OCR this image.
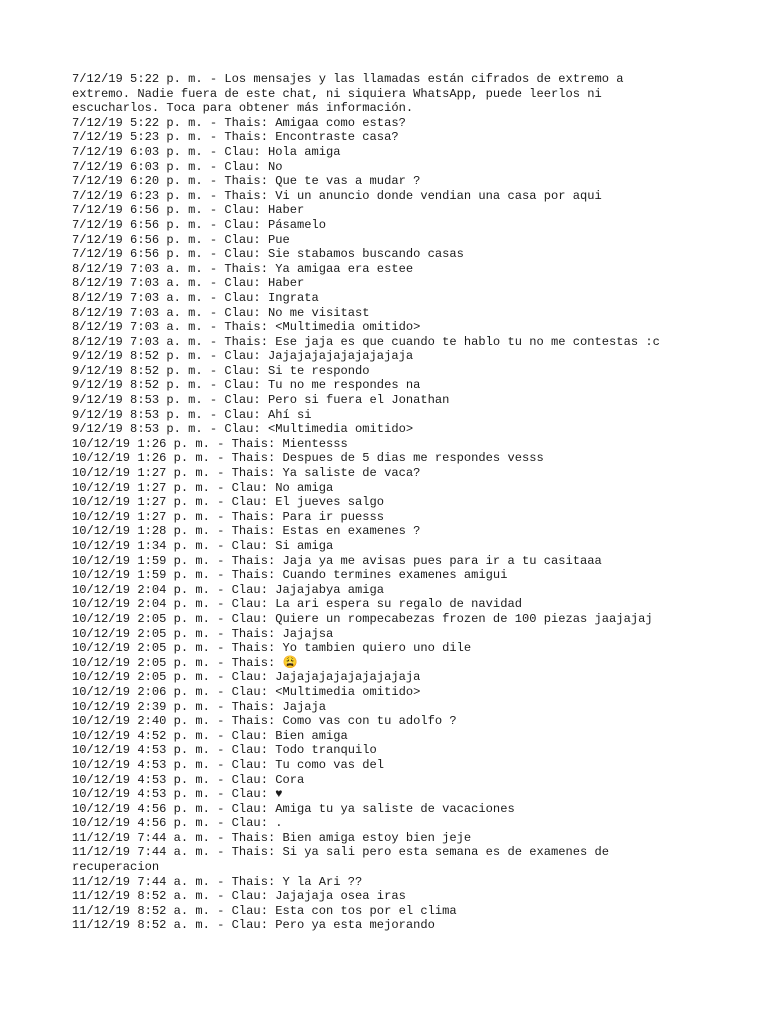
7/12/19 5:22 p. m. - Los mensajes y las llamadas están cifrados de extremo a
extremo. Nadie fuera de este chat, ni siquiera WhatsApp, puede leerlos ni
escucharlos. Toca para obtener más información.
7/12/19 5:22 p. m. - Thais: Amigaa como estas?
7/12/19 5:23 p. m. - Thais: Encontraste casa?
7/12/19 6:03 p. m. - Clau: Hola amiga
7/12/19 6:03 p. m. - Clau: No
7/12/19 6:20 p. m. - Thais: Que te vas a mudar ?
7/12/19 6:23 p. m. - Thais: Vi un anuncio donde vendian una casa por aqui
7/12/19 6:56 p. m. - Clau: Haber
7/12/19 6:56 p. m. - Clau: Pásamelo
7/12/19 6:56 p. m. - Clau: Pue
7/12/19 6:56 p. m. - Clau: Sie stabamos buscando casas
8/12/19 7:03 a. m. - Thais: Ya amigaa era estee
8/12/19 7:03 a. m. - Clau: Haber
8/12/19 7:03 a. m. - Clau: Ingrata
8/12/19 7:03 a. m. - Clau: No me visitast
8/12/19 7:03 a. m. - Thais: <Multimedia omitido>
8/12/19 7:03 a. m. - Thais: Ese jaja es que cuando te hablo tu no me contestas :c
9/12/19 8:52 p. m. - Clau: Jajajajajajajajajaja
9/12/19 8:52 p. m. - Clau: Si te respondo
9/12/19 8:52 p. m. - Clau: Tu no me respondes na
9/12/19 8:53 p. m. - Clau: Pero si fuera el Jonathan
9/12/19 8:53 p. m. - Clau: Ahí si
9/12/19 8:53 p. m. - Clau: <Multimedia omitido>
10/12/19 1:26 p. m. - Thais: Mientesss
10/12/19 1:26 p. m. - Thais: Despues de 5 dias me respondes vesss
10/12/19 1:27 p. m. - Thais: Ya saliste de vaca?
10/12/19 1:27 p. m. - Clau: No amiga
10/12/19 1:27 p. m. - Clau: El jueves salgo
10/12/19 1:27 p. m. - Thais: Para ir puesss
10/12/19 1:28 p. m. - Thais: Estas en examenes ?
10/12/19 1:34 p. m. - Clau: Si amiga
10/12/19 1:59 p. m. - Thais: Jaja ya me avisas pues para ir a tu casitaaa
10/12/19 1:59 p. m. - Thais: Cuando termines examenes amigui
10/12/19 2:04 p. m. - Clau: Jajajabya amiga
10/12/19 2:04 p. m. - Clau: La ari espera su regalo de navidad
10/12/19 2:05 p. m. - Clau: Quiere un rompecabezas frozen de 100 piezas jaajajaj
10/12/19 2:05 p. m. - Thais: Jajajsa
10/12/19 2:05 p. m. - Thais: Yo tambien quiero uno dile
10/12/19 2:05 p. m. - Thais: 😩
10/12/19 2:05 p. m. - Clau: Jajajajajajajajajaja
10/12/19 2:06 p. m. - Clau: <Multimedia omitido>
10/12/19 2:39 p. m. - Thais: Jajaja
10/12/19 2:40 p. m. - Thais: Como vas con tu adolfo ?
10/12/19 4:52 p. m. - Clau: Bien amiga
10/12/19 4:53 p. m. - Clau: Todo tranquilo
10/12/19 4:53 p. m. - Clau: Tu como vas del
10/12/19 4:53 p. m. - Clau: Cora
10/12/19 4:53 p. m. - Clau: ♥
10/12/19 4:56 p. m. - Clau: Amiga tu ya saliste de vacaciones
10/12/19 4:56 p. m. - Clau: .
11/12/19 7:44 a. m. - Thais: Bien amiga estoy bien jeje
11/12/19 7:44 a. m. - Thais: Si ya sali pero esta semana es de examenes de
recuperacion
11/12/19 7:44 a. m. - Thais: Y la Ari ??
11/12/19 8:52 a. m. - Clau: Jajajaja osea iras
11/12/19 8:52 a. m. - Clau: Esta con tos por el clima
11/12/19 8:52 a. m. - Clau: Pero ya esta mejorando
